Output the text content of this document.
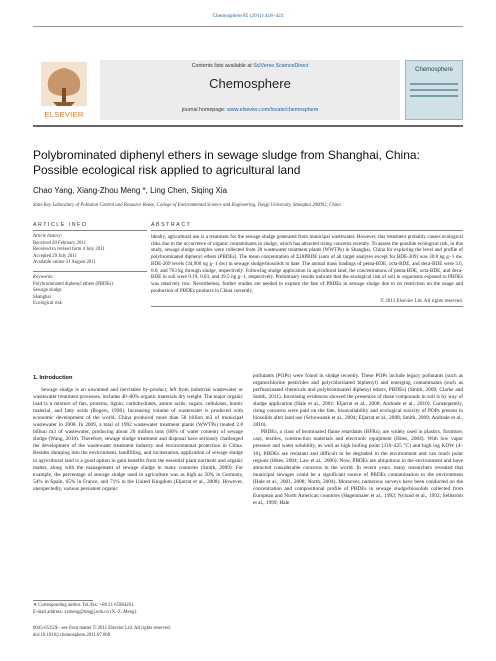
Chemosphere 85 (2011) 418–423
ELSEVIER
Contents lists available at SciVerse ScienceDirect
Chemosphere
journal homepage: www.elsevier.com/locate/chemosphere
Chemosphere
Polybrominated diphenyl ethers in sewage sludge from Shanghai, China: Possible ecological risk applied to agricultural land
Chao Yang, Xiang-Zhou Meng *, Ling Chen, Siqing Xia
State Key Laboratory of Pollution Control and Resource Reuse, College of Environmental Science and Engineering, Tongji University, Shanghai 200092, China
ARTICLE INFO
Article history:
Received 20 February 2011
Received in revised form 4 July 2011
Accepted 29 July 2011
Available online 31 August 2011
Keywords:
Polybrominated diphenyl ethers (PBDEs)
Sewage sludge
Shanghai
Ecological risk
ABSTRACT
Ideally, agricultural use is a treatment for the sewage sludge generated from municipal wastewater. However, this treatment probably causes ecological risks due to the occurrence of organic contaminants in sludge, which has attracted rising concerns recently. To assess the possible ecological risk, in this study, sewage sludge samples were collected from 28 wastewater treatment plants (WWTPs) in Shanghai, China for exploring the level and profile of polybrominated diphenyl ethers (PBDEs). The mean concentration of Σ18PBDE (sum of all target analytes except for BDE-209) was 30.8 ng g−1 dw. BDE-209 levels (34,900 ng g−1 dw) in sewage sludge/biosolids to date. The annual mass loadings of penta-BDE, octa-BDE, and deca-BDE were 3.6, 0.6, and 763 kg through sludge, respectively. Following sludge application in agricultural land, the concentrations of penta-BDE, octa-BDE, and deca-BDE in soil were 0.19, 0.03, and 39.5 ng g−1, respectively. Preliminary results indicate that the ecological risk of soil in organisms exposed to PBDEs was relatively low. Nevertheless, further studies are needed to explore the fate of PBDEs in sewage sludge due to no restriction on the usage and production of PBDEs products in China currently.
© 2011 Elsevier Ltd. All rights reserved.
1. Introduction

Sewage sludge is an unwanted and inevitable by-product, left from industrial wastewater or wastewater treatment processes, includes 40–80% organic materials dry weight. The major organic load is a mixture of fats, proteins, lignin, carbohydrates, amino acids, sugars, celluloses, humic material, and fatty acids (Rogers, 1996). Increasing volume of wastewater is produced with economic development of the world. China produced more than 58 billion m3 of municipal wastewater in 2008. In 2009, a total of 1992 wastewater treatment plants (WWTPs) treated 2.8 billion m3 of wastewater, producing about 20 million tons (80% of water content) of sewage sludge (Wang, 2010). Therefore, sewage sludge treatment and disposal have seriously challenged the development of the wastewater treatment industry and environmental protection in China. Besides dumping into the environment, landfilling, and incineration, application of sewage sludge to agricultural land is a good option to gain benefits from the essential plant nutrients and organic matter, along with the management of sewage sludge in many countries (Smith, 2009). For example, the percentage of sewage sludge used in agriculture was as high as 50% in Germany, 54% in Spain, 65% in France, and 71% in the United Kingdom (Eljarrat et al., 2008). However, unexpectedly, various persistent organic

pollutants (POPs) were found in sludge recently. These POPs include legacy pollutants (such as organochlorine pesticides and polychlorinated biphenyl) and emerging contaminants (such as perfluorinated chemicals and polybrominated diphenyl ethers, PBDEs) (Smith, 2009; Clarke and Smith, 2011). Increasing evidences showed the presences of these compounds in soil is by way of sludge application (Hale et al., 2001; Eljarrat et al., 2008; Andrade et al., 2010). Consequently, rising concerns were paid on the fate, bioavailability and ecological toxicity of POPs present in biosolids after land use (Schowanek et al., 2004; Eljarrat et al., 2008; Smith, 2009; Andrade et al., 2010).

PBDEs, a class of brominated flame retardants (BFRs), are widely used in plastics, furniture, cars, textiles, construction materials and electronic equipment (Hites, 2004). With low vapor pressure and water solubility, as well as high boiling point (310–425 °C) and high log KOW (4–10), PBDEs are resistant and difficult to be degraded in the environment and can reach polar regions (Hites, 2004; Law et al., 2006). Now, PBDEs are ubiquitous in the environment and have attracted considerable concerns in the world. In recent years, many researchers revealed that municipal sewages could be a significant source of PBDEs contamination to the environment (Hale et al., 2001, 2008; North, 2004). Moreover, numerous surveys have been conducted on the concentration and compositional profile of PBDEs in sewage sludge/biosolids collected from European and North American countries (Hagenmaier et al., 1992; Nylund et al., 1992; Sellström et al., 1999; Hale

∗ Corresponding author. Tel./fax: +86 21 65984261.
E-mail address: xzmeng@tongji.edu.cn (X.-Z. Meng).
0045-6535/$ - see front matter © 2011 Elsevier Ltd. All rights reserved.
doi:10.1016/j.chemosphere.2011.07.068
